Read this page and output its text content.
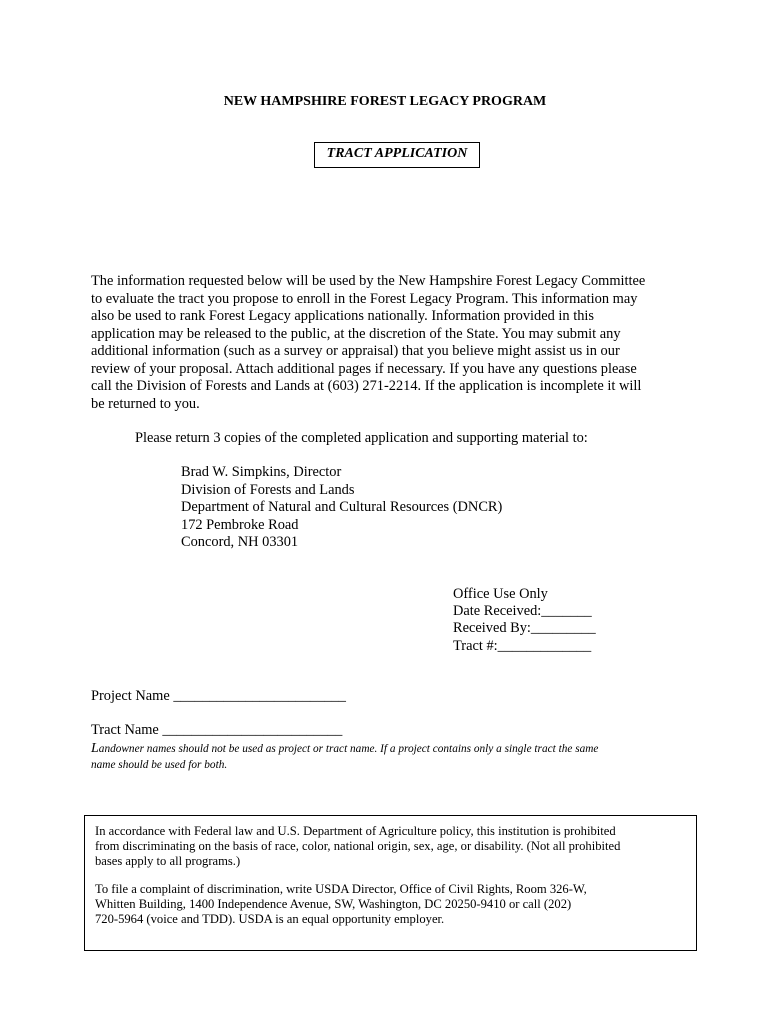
NEW HAMPSHIRE FOREST LEGACY PROGRAM
TRACT APPLICATION
The information requested below will be used by the New Hampshire Forest Legacy Committee
to evaluate the tract you propose to enroll in the Forest Legacy Program. This information may
also be used to rank Forest Legacy applications nationally. Information provided in this
application may be released to the public, at the discretion of the State. You may submit any
additional information (such as a survey or appraisal) that you believe might assist us in our
review of your proposal. Attach additional pages if necessary. If you have any questions please
call the Division of Forests and Lands at (603) 271-2214. If the application is incomplete it will
be returned to you.
Please return 3 copies of the completed application and supporting material to:
Brad W. Simpkins, Director
Division of Forests and Lands
Department of Natural and Cultural Resources (DNCR)
172 Pembroke Road
Concord, NH 03301
Office Use Only
Date Received:_______
Received By:_________
Tract #:_____________
Project Name ________________________
Tract Name _________________________
Landowner names should not be used as project or tract name. If a project contains only a single tract the same
name should be used for both.

In accordance with Federal law and U.S. Department of Agriculture policy, this institution is prohibited
from discriminating on the basis of race, color, national origin, sex, age, or disability. (Not all prohibited
bases apply to all programs.)

To file a complaint of discrimination, write USDA Director, Office of Civil Rights, Room 326-W,
Whitten Building, 1400 Independence Avenue, SW, Washington, DC 20250-9410 or call (202)
720-5964 (voice and TDD). USDA is an equal opportunity employer.
